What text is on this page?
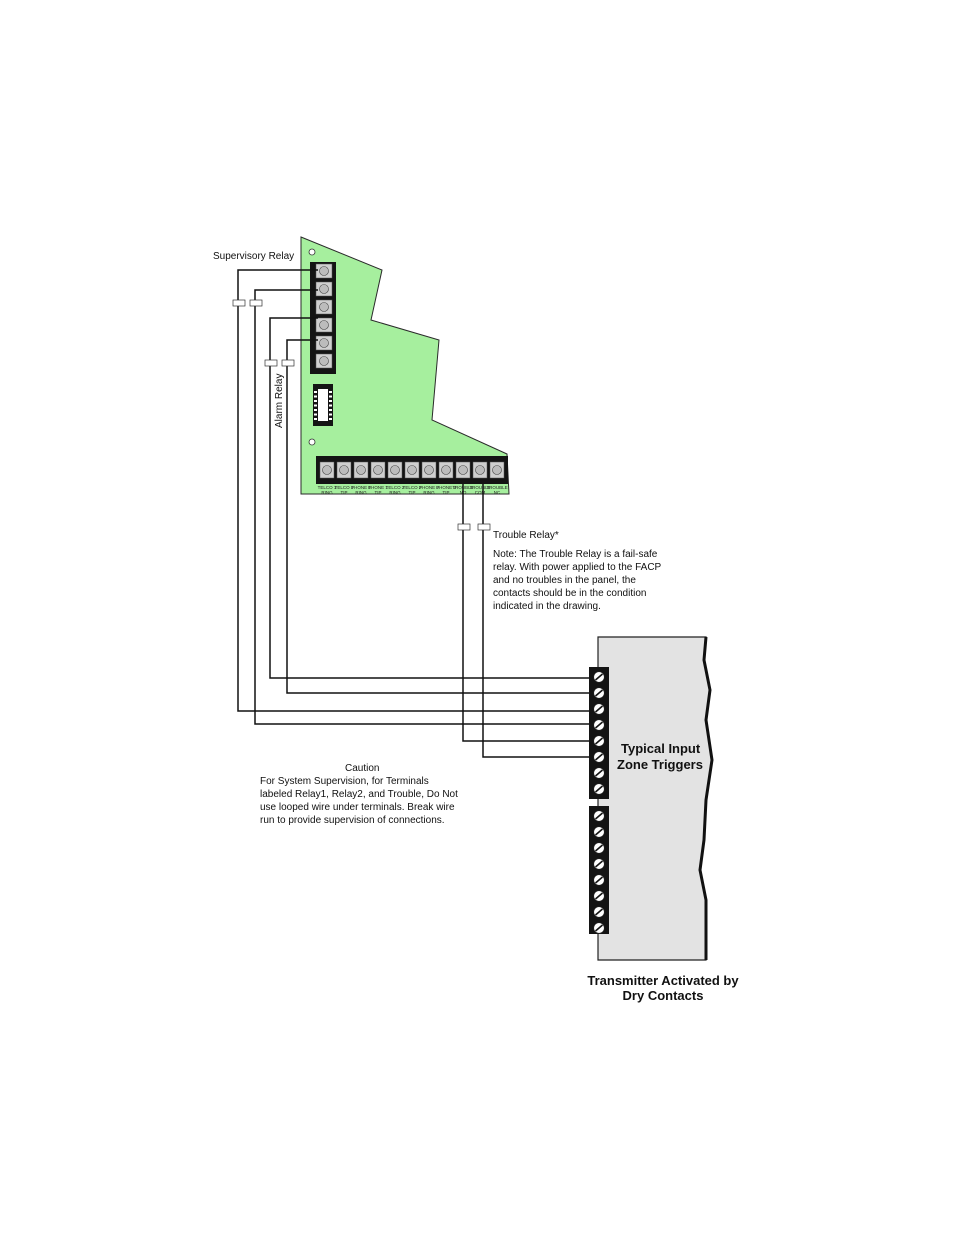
TELCO 1
RING
TELCO 1
TIP
PHONE 1
RING
PHONE 1
TIP
TELCO 2
RING
TELCO 2
TIP
PHONE 2
RING
PHONE 2
TIP
TROUBLE
NO
TROUBLE
COM
TROUBLE
NC
Supervisory Relay
Alarm Relay
Trouble Relay*
Note: The Trouble Relay is a fail-safe
relay. With power applied to the FACP
and no troubles in the panel, the
contacts should be in the condition
indicated in the drawing.
Caution
For System Supervision, for Terminals
labeled Relay1, Relay2, and Trouble, Do Not
use looped wire under terminals. Break wire
run to provide supervision of connections.
Typical Input
Zone Triggers
Transmitter Activated by
Dry Contacts
